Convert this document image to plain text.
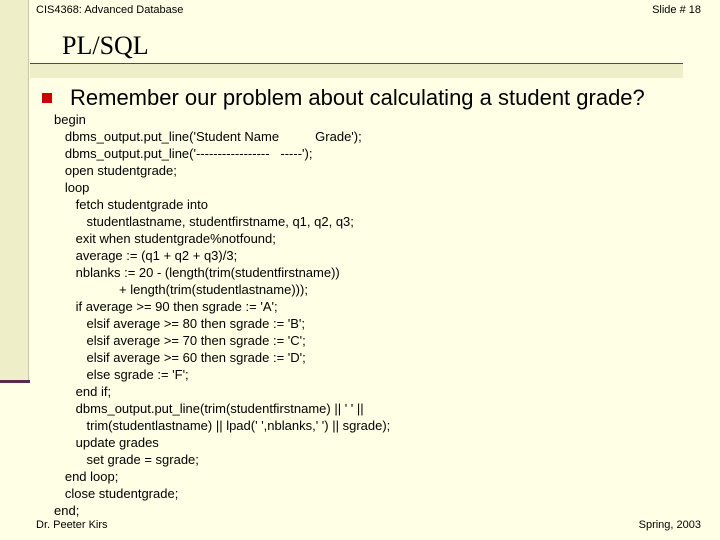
CIS4368: Advanced Database	Slide # 18
PL/SQL
Remember our problem about calculating a student grade?
begin
dbms_output.put_line('Student Name          Grade');
dbms_output.put_line('-----------------   -----');
open studentgrade;
loop
fetch studentgrade into
studentlastname, studentfirstname, q1, q2, q3;
exit when studentgrade%notfound;
average := (q1 + q2 + q3)/3;
nblanks := 20 - (length(trim(studentfirstname))
+ length(trim(studentlastname)));
if average >= 90 then sgrade := 'A';
elsif average >= 80 then sgrade := 'B';
elsif average >= 70 then sgrade := 'C';
elsif average >= 60 then sgrade := 'D';
else sgrade := 'F';
end if;
dbms_output.put_line(trim(studentfirstname) || ' ' ||
trim(studentlastname) || lpad(' ',nblanks,' ') || sgrade);
update grades
set grade = sgrade;
end loop;
close studentgrade;
end;
Dr. Peeter Kirs	Spring, 2003
